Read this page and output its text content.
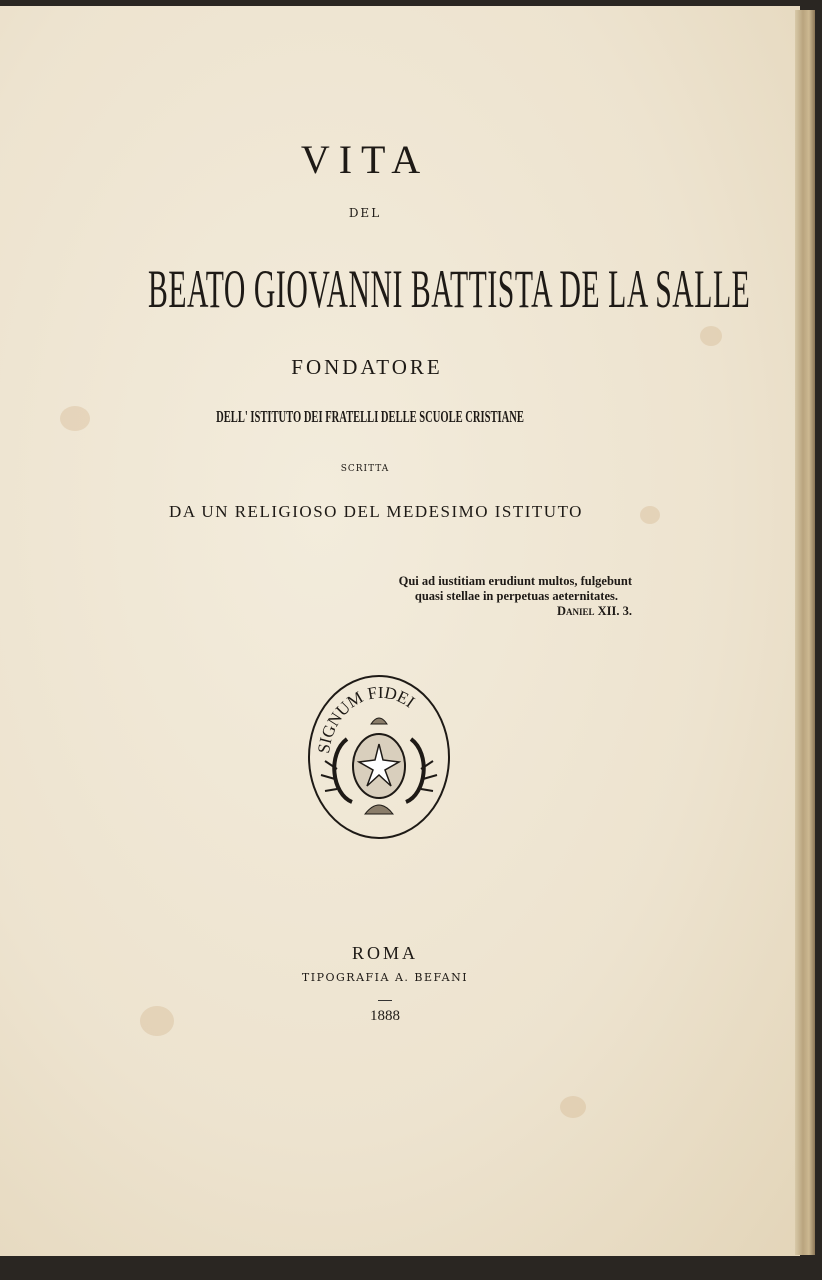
VITA
DEL
BEATO GIOVANNI BATTISTA DE LA SALLE
FONDATORE
DELL' ISTITUTO DEI FRATELLI DELLE SCUOLE CRISTIANE
SCRITTA
DA UN RELIGIOSO DEL MEDESIMO ISTITUTO
Qui ad iustitiam erudiunt multos, fulgebunt
quasi stellae in perpetuas aeternitates.
Daniel XII. 3.
SIGNUM FIDEI
ROMA
TIPOGRAFIA A. BEFANI
1888
